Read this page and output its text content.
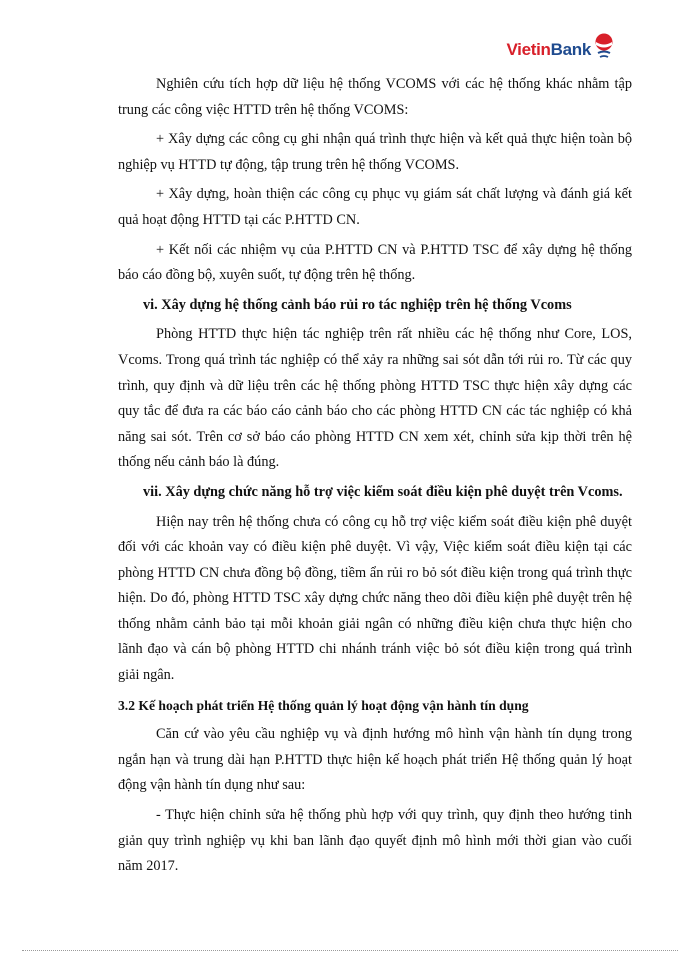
VietinBank

Nghiên cứu tích hợp dữ liệu hệ thống VCOMS với các hệ thống khác nhằm tập trung các công việc HTTD trên hệ thống VCOMS:

+ Xây dựng các công cụ ghi nhận quá trình thực hiện và kết quả thực hiện toàn bộ nghiệp vụ HTTD tự động, tập trung trên hệ thống VCOMS.

+ Xây dựng, hoàn thiện các công cụ phục vụ giám sát chất lượng và đánh giá kết quả hoạt động HTTD tại các P.HTTD CN.

+ Kết nối các nhiệm vụ của P.HTTD CN và P.HTTD TSC để xây dựng hệ thống báo cáo đồng bộ, xuyên suốt, tự động trên hệ thống.

vi. Xây dựng hệ thống cảnh báo rủi ro tác nghiệp trên hệ thống Vcoms

Phòng HTTD thực hiện tác nghiệp trên rất nhiều các hệ thống như Core, LOS, Vcoms. Trong quá trình tác nghiệp có thể xảy ra những sai sót dẫn tới rủi ro. Từ các quy trình, quy định và dữ liệu trên các hệ thống phòng HTTD TSC thực hiện xây dựng các quy tắc để đưa ra các báo cáo cảnh báo cho các phòng HTTD CN các tác nghiệp có khả năng sai sót. Trên cơ sở báo cáo phòng HTTD CN xem xét, chỉnh sửa kịp thời trên hệ thống nếu cảnh báo là đúng.

vii. Xây dựng chức năng hỗ trợ việc kiểm soát điều kiện phê duyệt trên Vcoms.

Hiện nay trên hệ thống chưa có công cụ hỗ trợ việc kiểm soát điều kiện phê duyệt đối với các khoản vay có điều kiện phê duyệt. Vì vậy, Việc kiểm soát điều kiện tại các phòng HTTD CN chưa đồng bộ đồng, tiềm ẩn rủi ro bỏ sót điều kiện trong quá trình thực hiện. Do đó, phòng HTTD TSC xây dựng chức năng theo dõi điều kiện phê duyệt trên hệ thống nhằm cảnh bảo tại mỗi khoản giải ngân có những điều kiện chưa thực hiện cho lãnh đạo và cán bộ phòng HTTD chi nhánh tránh việc bỏ sót điều kiện trong quá trình giải ngân.

3.2 Kế hoạch phát triển Hệ thống quản lý hoạt động vận hành tín dụng

Căn cứ vào yêu cầu nghiệp vụ và định hướng mô hình vận hành tín dụng trong ngắn hạn và trung dài hạn P.HTTD thực hiện kế hoạch phát triển Hệ thống quản lý hoạt động vận hành tín dụng như sau:

- Thực hiện chỉnh sửa hệ thống phù hợp với quy trình, quy định theo hướng tinh giản quy trình nghiệp vụ khi ban lãnh đạo quyết định mô hình mới thời gian vào cuối năm 2017.
